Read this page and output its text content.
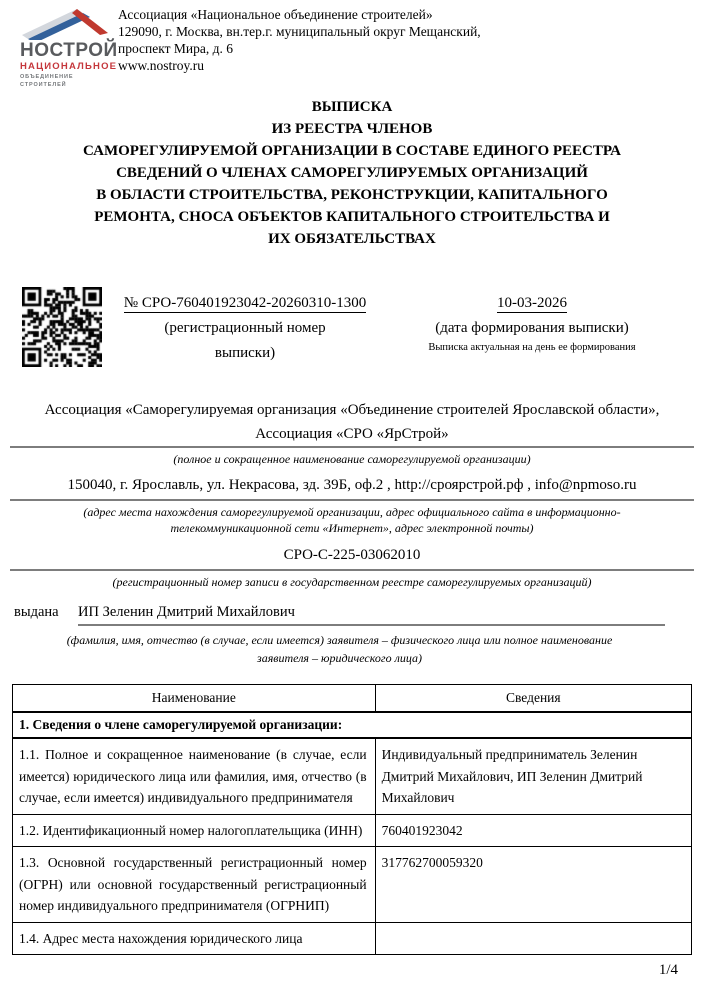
НОСТРОЙ
НАЦИОНАЛЬНОЕ
ОБЪЕДИНЕНИЕ СТРОИТЕЛЕЙ
Ассоциация «Национальное объединение строителей»
129090, г. Москва, вн.тер.г. муниципальный округ Мещанский,
проспект Мира, д. 6
www.nostroy.ru
ВЫПИСКА
ИЗ РЕЕСТРА ЧЛЕНОВ
САМОРЕГУЛИРУЕМОЙ ОРГАНИЗАЦИИ В СОСТАВЕ ЕДИНОГО РЕЕСТРА
СВЕДЕНИЙ О ЧЛЕНАХ САМОРЕГУЛИРУЕМЫХ ОРГАНИЗАЦИЙ
В ОБЛАСТИ СТРОИТЕЛЬСТВА, РЕКОНСТРУКЦИИ, КАПИТАЛЬНОГО
РЕМОНТА, СНОСА ОБЪЕКТОВ КАПИТАЛЬНОГО СТРОИТЕЛЬСТВА И
ИХ ОБЯЗАТЕЛЬСТВАХ
№ СРО-760401923042-20260310-1300
(регистрационный номер
выписки)
10-03-2026
(дата формирования выписки)
Выписка актуальная на день ее формирования
Ассоциация «Саморегулируемая организация «Объединение строителей Ярославской области»,
Ассоциация «СРО «ЯрСтрой»
(полное и сокращенное наименование саморегулируемой организации)
150040, г. Ярославль, ул. Некрасова, зд. 39Б, оф.2 , http://сроярстрой.рф , info@npmoso.ru
(адрес места нахождения саморегулируемой организации, адрес официального сайта в информационно-
телекоммуникационной сети «Интернет», адрес электронной почты)
СРО-С-225-03062010
(регистрационный номер записи в государственном реестре саморегулируемых организаций)
выдана	ИП Зеленин Дмитрий Михайлович
(фамилия, имя, отчество (в случае, если имеется) заявителя – физического лица или полное наименование
заявителя – юридического лица)
Наименование	Сведения
1. Сведения о члене саморегулируемой организации:	
1.1. Полное и сокращенное наименование (в случае, если имеется) юридического лица или фамилия, имя, отчество (в случае, если имеется) индивидуального предпринимателя	Индивидуальный предприниматель Зеленин Дмитрий Михайлович, ИП Зеленин Дмитрий Михайлович
1.2. Идентификационный номер налогоплательщика (ИНН)	760401923042
1.3. Основной государственный регистрационный номер (ОГРН) или основной государственный регистрационный номер индивидуального предпринимателя (ОГРНИП)	317762700059320
1.4. Адрес места нахождения юридического лица	
1/4
